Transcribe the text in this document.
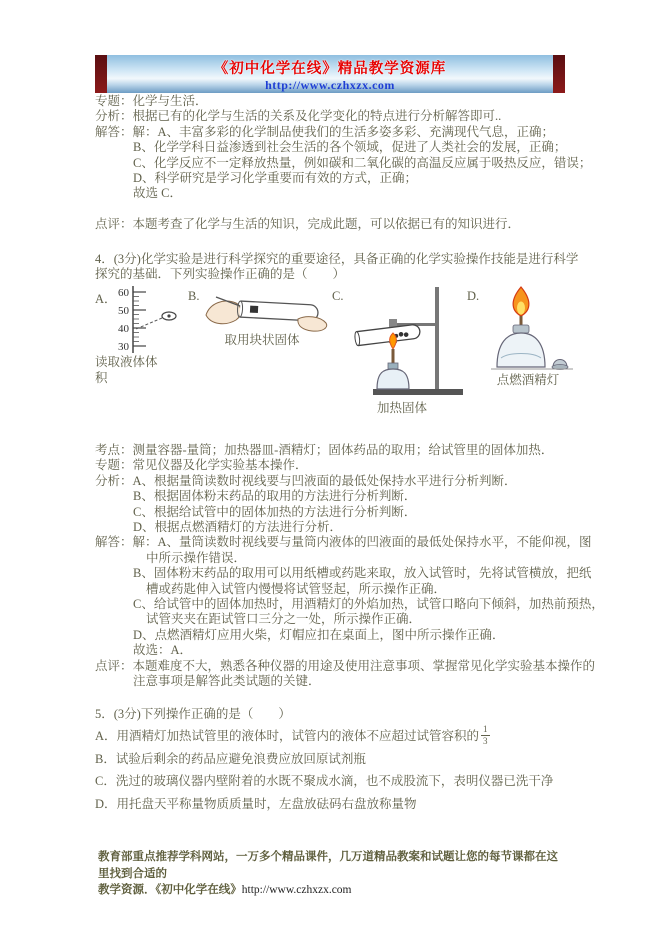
《初中化学在线》精品教学资源库
http://www.czhxzx.com
专题：化学与生活．
分析：根据已有的化学与生活的关系及化学变化的特点进行分析解答即可..
解答：解：A、丰富多彩的化学制品使我们的生活多姿多彩、充满现代气息，正确；
B、化学学科日益渗透到社会生活的各个领域，促进了人类社会的发展，正确；
C、化学反应不一定释放热量，例如碳和二氧化碳的高温反应属于吸热反应，错误；
D、科学研究是学习化学重要而有效的方式，正确；
故选 C．
点评：本题考查了化学与生活的知识，完成此题，可以依据已有的知识进行．
4．(3分)化学实验是进行科学探究的重要途径，具备正确的化学实验操作技能是进行科学
探究的基础．下列实验操作正确的是（　　）
A． 60
50
40
30
读取液体体积
B.
取用块状固体
C.
加热固体
D.
点燃酒精灯
考点：测量容器-量筒；加热器皿-酒精灯；固体药品的取用；给试管里的固体加热．
专题：常见仪器及化学实验基本操作．
分析：A、根据量筒读数时视线要与凹液面的最低处保持水平进行分析判断．
B、根据固体粉末药品的取用的方法进行分析判断．
C、根据给试管中的固体加热的方法进行分析判断．
D、根据点燃酒精灯的方法进行分析．
解答：解：A、量筒读数时视线要与量筒内液体的凹液面的最低处保持水平，不能仰视，图
中所示操作错误．
B、固体粉末药品的取用可以用纸槽或药匙来取，放入试管时，先将试管横放，把纸
槽或药匙伸入试管内慢慢将试管竖起，所示操作正确．
C、给试管中的固体加热时，用酒精灯的外焰加热，试管口略向下倾斜，加热前预热，
试管夹夹在距试管口三分之一处，所示操作正确．
D、点燃酒精灯应用火柴，灯帽应扣在桌面上，图中所示操作正确．
故选：A．
点评：本题难度不大，熟悉各种仪器的用途及使用注意事项、掌握常见化学实验基本操作的
注意事项是解答此类试题的关键．
5．(3分)下列操作正确的是（　　）
A．用酒精灯加热试管里的液体时，试管内的液体不应超过试管容积的 $\frac{1}{3}$
B．试验后剩余的药品应避免浪费应放回原试剂瓶
C．洗过的玻璃仪器内壁附着的水既不聚成水滴，也不成股流下，表明仪器已洗干净
D．用托盘天平称量物质质量时，左盘放砝码右盘放称量物
教育部重点推荐学科网站，一万多个精品课件，几万道精品教案和试题让您的每节课都在这里找到合适的
教学资源．《初中化学在线》http://www.czhxzx.com
